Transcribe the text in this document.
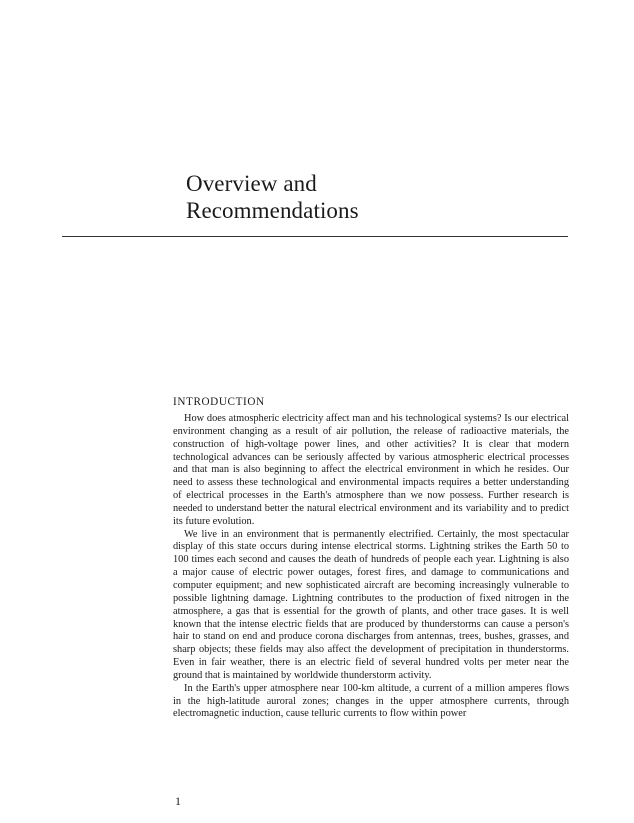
Overview and
Recommendations
INTRODUCTION

How does atmospheric electricity affect man and his technological systems? Is our electrical environment changing as a result of air pollution, the release of radioactive materials, the construction of high-voltage power lines, and other activities? It is clear that modern technological advances can be seriously affected by various atmospheric electrical processes and that man is also beginning to affect the electrical environment in which he resides. Our need to assess these technological and environmental impacts requires a better understanding of electrical processes in the Earth's atmosphere than we now possess. Further research is needed to understand better the natural electrical environment and its variability and to predict its future evolution.

We live in an environment that is permanently electrified. Certainly, the most spectacular display of this state occurs during intense electrical storms. Lightning strikes the Earth 50 to 100 times each second and causes the death of hundreds of people each year. Lightning is also a major cause of electric power outages, forest fires, and damage to communications and computer equipment; and new sophisticated aircraft are becoming increasingly vulnerable to possible lightning damage. Lightning contributes to the production of fixed nitrogen in the atmosphere, a gas that is essential for the growth of plants, and other trace gases. It is well known that the intense electric fields that are produced by thunderstorms can cause a person's hair to stand on end and produce corona discharges from antennas, trees, bushes, grasses, and sharp objects; these fields may also affect the development of precipitation in thunderstorms. Even in fair weather, there is an electric field of several hundred volts per meter near the ground that is maintained by worldwide thunderstorm activity.

In the Earth's upper atmosphere near 100-km altitude, a current of a million amperes flows in the high-latitude auroral zones; changes in the upper atmosphere currents, through electromagnetic induction, cause telluric currents to flow within power

1
